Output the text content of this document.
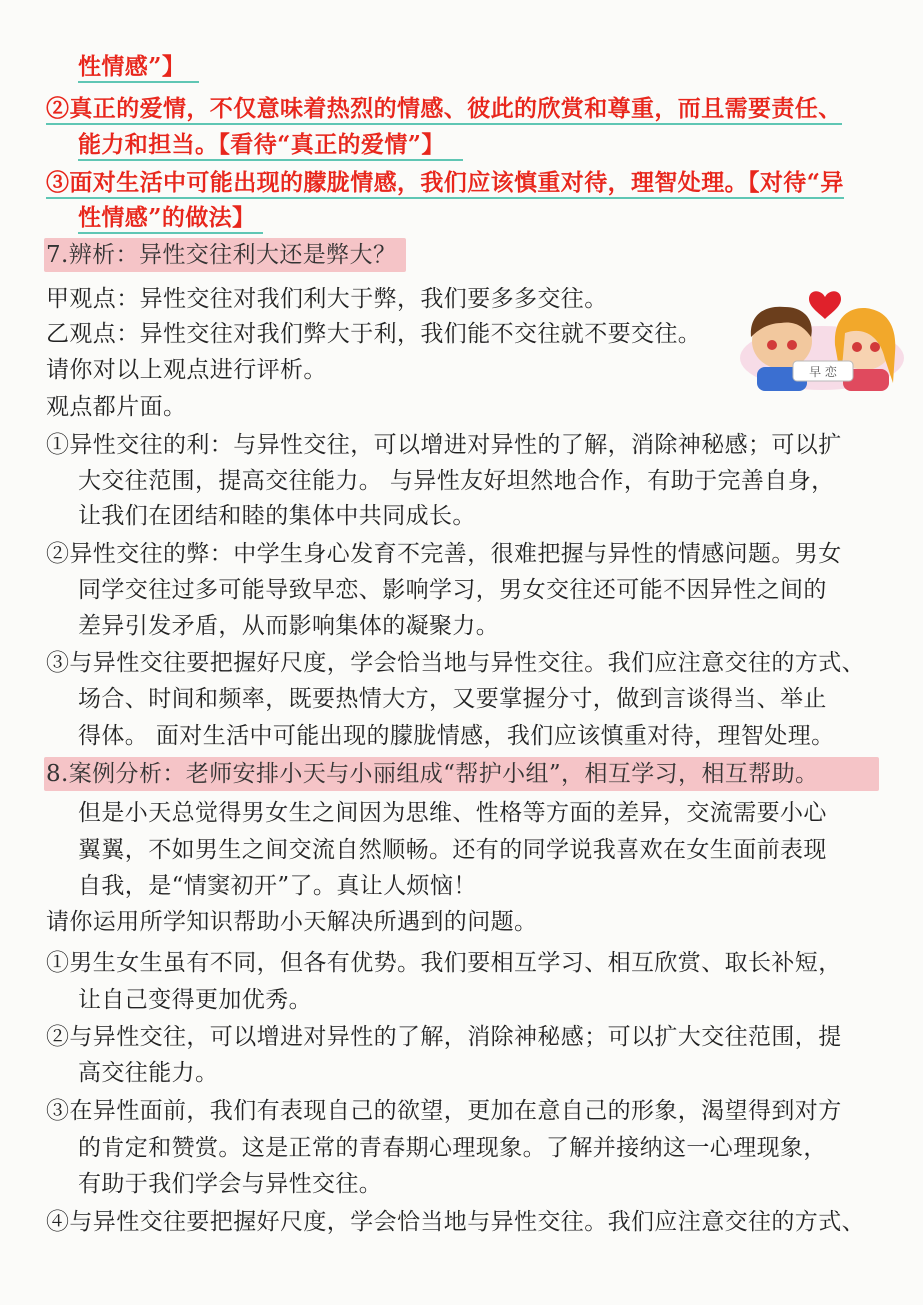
性情感”】
②真正的爱情，不仅意味着热烈的情感、彼此的欣赏和尊重，而且需要责任、
能力和担当。【看待“真正的爱情”】
③面对生活中可能出现的朦胧情感，我们应该慎重对待，理智处理。【对待“异
性情感”的做法】
7.辨析：异性交往利大还是弊大？
甲观点：异性交往对我们利大于弊，我们要多多交往。
乙观点：异性交往对我们弊大于利，我们能不交往就不要交往。
请你对以上观点进行评析。
观点都片面。
①异性交往的利：与异性交往，可以增进对异性的了解，消除神秘感；可以扩
大交往范围，提高交往能力。 与异性友好坦然地合作，有助于完善自身，
让我们在团结和睦的集体中共同成长。
②异性交往的弊：中学生身心发育不完善，很难把握与异性的情感问题。男女
同学交往过多可能导致早恋、影响学习，男女交往还可能不因异性之间的
差异引发矛盾，从而影响集体的凝聚力。
③与异性交往要把握好尺度，学会恰当地与异性交往。我们应注意交往的方式、
场合、时间和频率，既要热情大方，又要掌握分寸，做到言谈得当、举止
得体。 面对生活中可能出现的朦胧情感，我们应该慎重对待，理智处理。
8.案例分析：老师安排小天与小丽组成“帮护小组”，相互学习，相互帮助。
但是小天总觉得男女生之间因为思维、性格等方面的差异，交流需要小心
翼翼，不如男生之间交流自然顺畅。还有的同学说我喜欢在女生面前表现
自我，是“情窦初开”了。真让人烦恼！
请你运用所学知识帮助小天解决所遇到的问题。
①男生女生虽有不同，但各有优势。我们要相互学习、相互欣赏、取长补短，
让自己变得更加优秀。
②与异性交往，可以增进对异性的了解，消除神秘感；可以扩大交往范围，提
高交往能力。
③在异性面前，我们有表现自己的欲望，更加在意自己的形象，渴望得到对方
的肯定和赞赏。这是正常的青春期心理现象。了解并接纳这一心理现象，
有助于我们学会与异性交往。
④与异性交往要把握好尺度，学会恰当地与异性交往。我们应注意交往的方式、
早 恋
